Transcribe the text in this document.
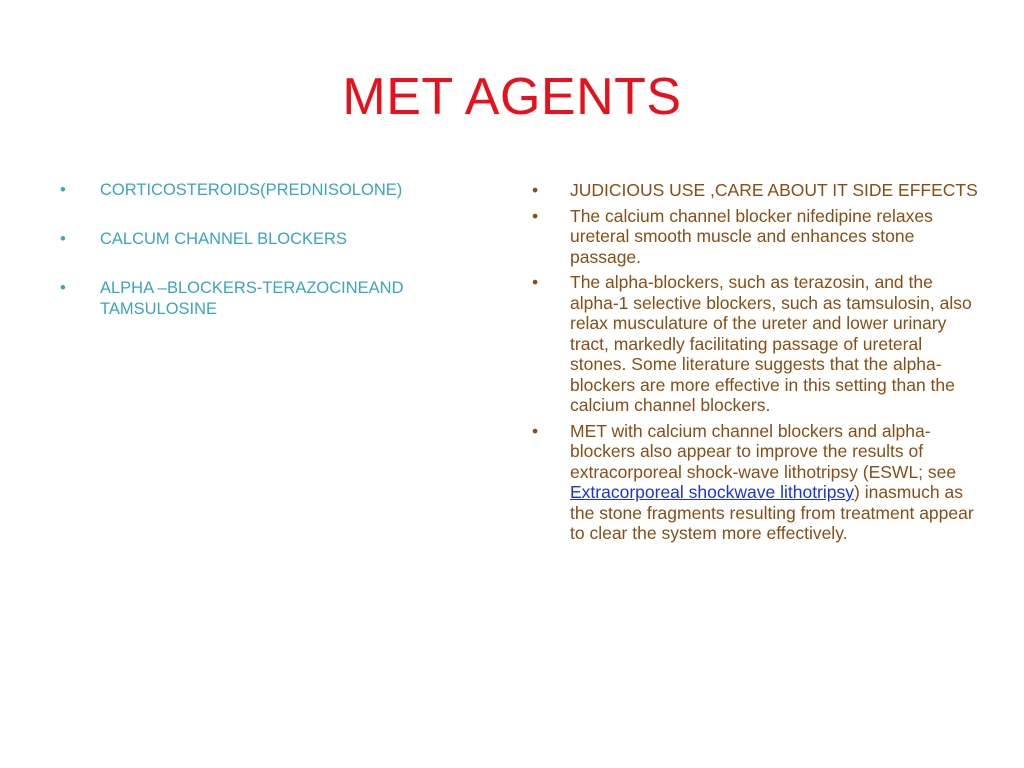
MET AGENTS
• CORTICOSTEROIDS(PREDNISOLONE)
• CALCUM CHANNEL BLOCKERS
• ALPHA –BLOCKERS-TERAZOCINEAND TAMSULOSINE
• JUDICIOUS USE ,CARE ABOUT IT SIDE EFFECTS
• The calcium channel blocker nifedipine relaxes ureteral smooth muscle and enhances stone passage.
• The alpha-blockers, such as terazosin, and the alpha-1 selective blockers, such as tamsulosin, also relax musculature of the ureter and lower urinary tract, markedly facilitating passage of ureteral stones. Some literature suggests that the alpha-blockers are more effective in this setting than the calcium channel blockers.
• MET with calcium channel blockers and alpha-blockers also appear to improve the results of extracorporeal shock-wave lithotripsy (ESWL; see Extracorporeal shockwave lithotripsy) inasmuch as the stone fragments resulting from treatment appear to clear the system more effectively.
